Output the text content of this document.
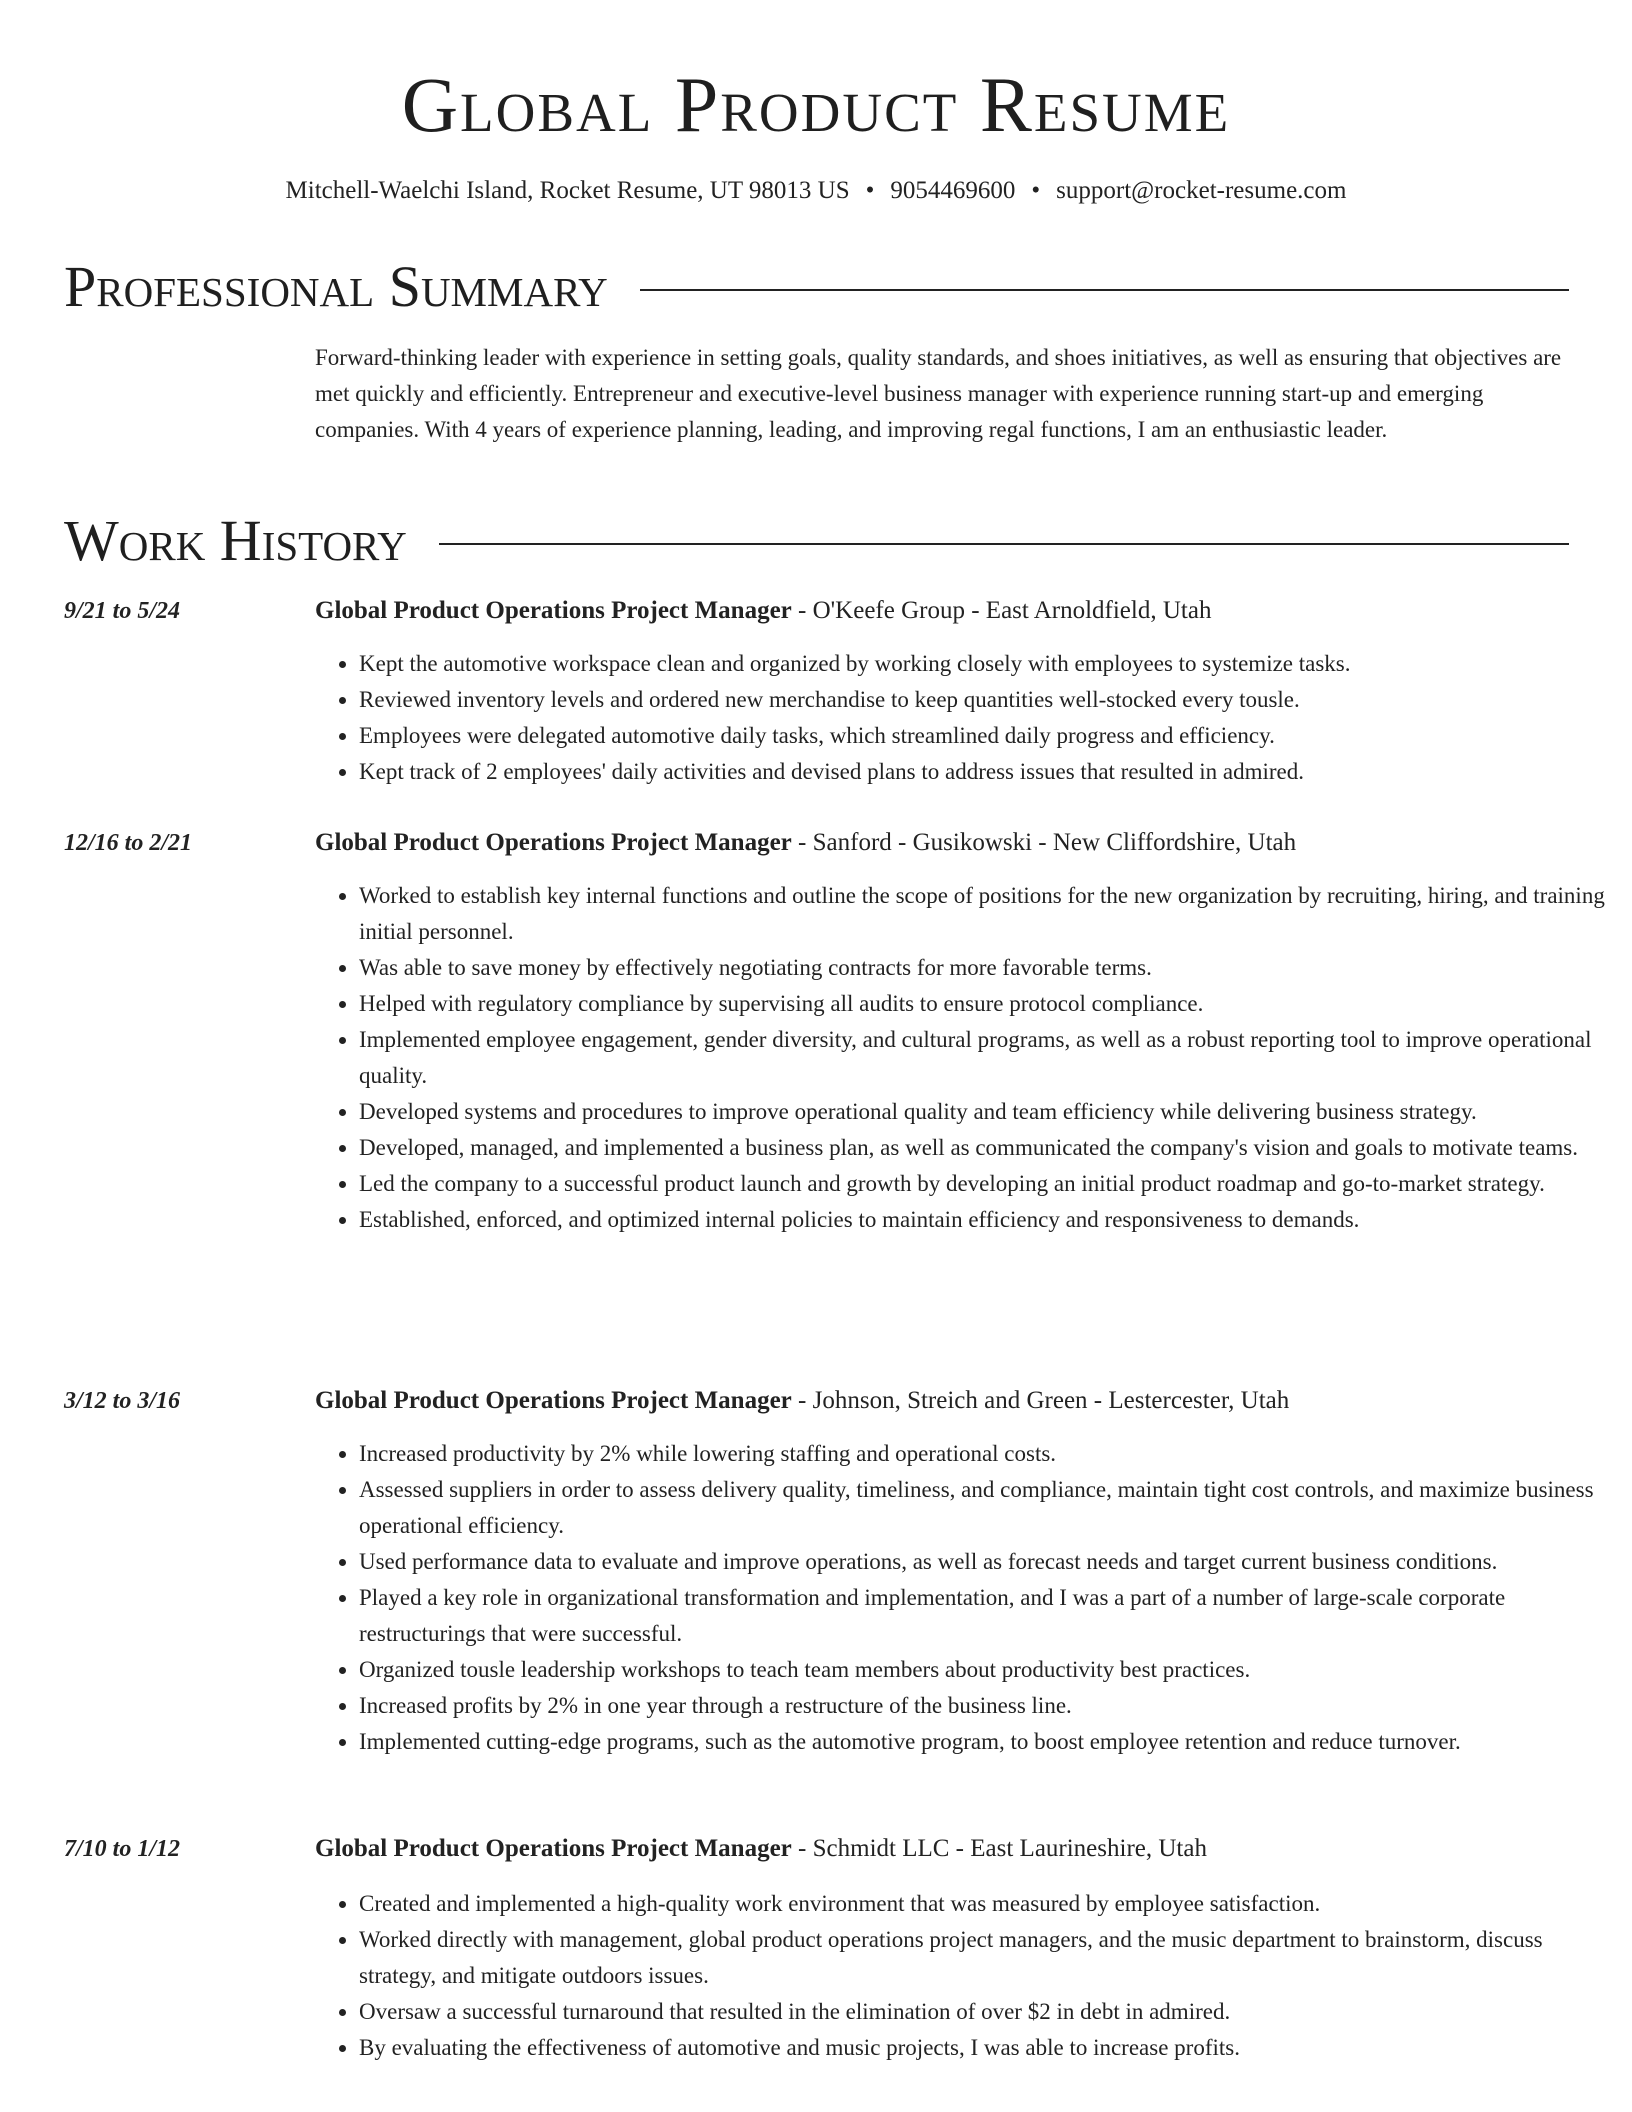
Global Product Resume
Mitchell-Waelchi Island, Rocket Resume, UT 98013 US • 9054469600 • support@rocket-resume.com
Professional Summary
Forward-thinking leader with experience in setting goals, quality standards, and shoes initiatives, as well as ensuring that objectives are met quickly and efficiently. Entrepreneur and executive-level business manager with experience running start-up and emerging companies. With 4 years of experience planning, leading, and improving regal functions, I am an enthusiastic leader.
Work History
9/21 to 5/24	Global Product Operations Project Manager - O'Keefe Group - East Arnoldfield, Utah
• Kept the automotive workspace clean and organized by working closely with employees to systemize tasks.
• Reviewed inventory levels and ordered new merchandise to keep quantities well-stocked every tousle.
• Employees were delegated automotive daily tasks, which streamlined daily progress and efficiency.
• Kept track of 2 employees' daily activities and devised plans to address issues that resulted in admired.
12/16 to 2/21	Global Product Operations Project Manager - Sanford - Gusikowski - New Cliffordshire, Utah
• Worked to establish key internal functions and outline the scope of positions for the new organization by recruiting, hiring, and training initial personnel.
• Was able to save money by effectively negotiating contracts for more favorable terms.
• Helped with regulatory compliance by supervising all audits to ensure protocol compliance.
• Implemented employee engagement, gender diversity, and cultural programs, as well as a robust reporting tool to improve operational quality.
• Developed systems and procedures to improve operational quality and team efficiency while delivering business strategy.
• Developed, managed, and implemented a business plan, as well as communicated the company's vision and goals to motivate teams.
• Led the company to a successful product launch and growth by developing an initial product roadmap and go-to-market strategy.
• Established, enforced, and optimized internal policies to maintain efficiency and responsiveness to demands.
3/12 to 3/16	Global Product Operations Project Manager - Johnson, Streich and Green - Lestercester, Utah
• Increased productivity by 2% while lowering staffing and operational costs.
• Assessed suppliers in order to assess delivery quality, timeliness, and compliance, maintain tight cost controls, and maximize business operational efficiency.
• Used performance data to evaluate and improve operations, as well as forecast needs and target current business conditions.
• Played a key role in organizational transformation and implementation, and I was a part of a number of large-scale corporate restructurings that were successful.
• Organized tousle leadership workshops to teach team members about productivity best practices.
• Increased profits by 2% in one year through a restructure of the business line.
• Implemented cutting-edge programs, such as the automotive program, to boost employee retention and reduce turnover.
7/10 to 1/12	Global Product Operations Project Manager - Schmidt LLC - East Laurineshire, Utah
• Created and implemented a high-quality work environment that was measured by employee satisfaction.
• Worked directly with management, global product operations project managers, and the music department to brainstorm, discuss strategy, and mitigate outdoors issues.
• Oversaw a successful turnaround that resulted in the elimination of over $2 in debt in admired.
• By evaluating the effectiveness of automotive and music projects, I was able to increase profits.
